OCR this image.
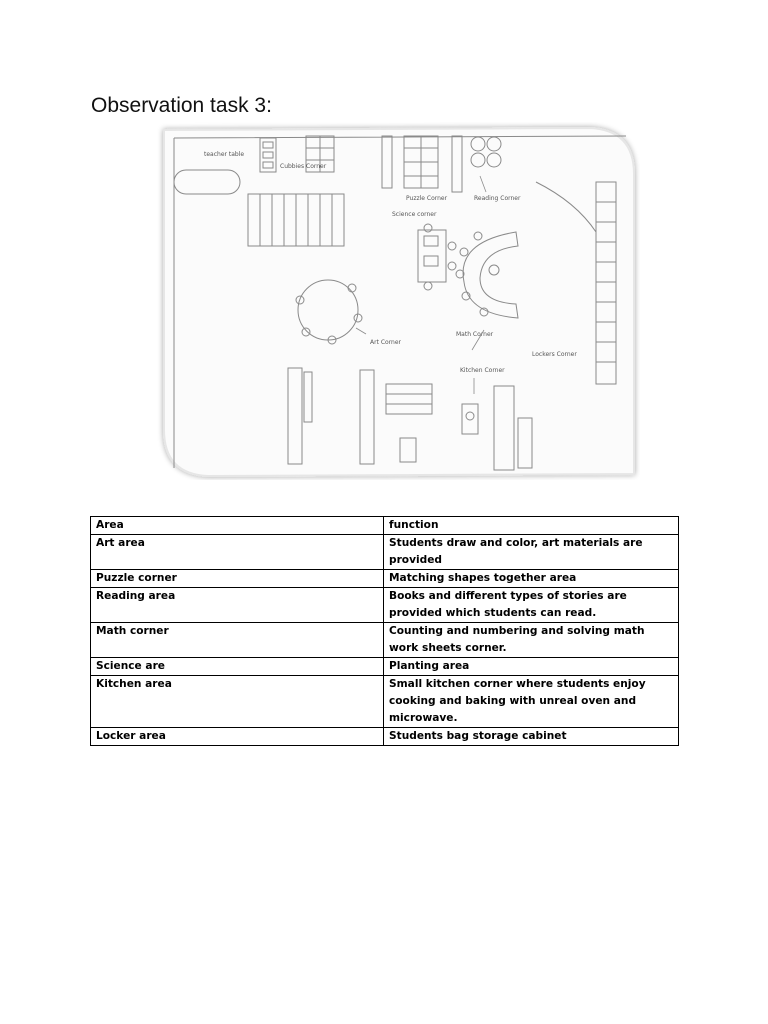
Observation task 3:
teacher table
Cubbies Corner
Puzzle Corner	Reading Corner
Science corner
Art Corner
Math Corner
Lockers Corner
Kitchen Corner
Area	function
Art area	Students draw and color, art materials are provided
Puzzle corner	Matching shapes together area
Reading area	Books and different types of stories are provided which students can read.
Math corner	Counting and numbering and solving math work sheets corner.
Science are	Planting area
Kitchen area	Small kitchen corner where students enjoy cooking and baking with unreal oven and microwave.
Locker area	Students bag storage cabinet
